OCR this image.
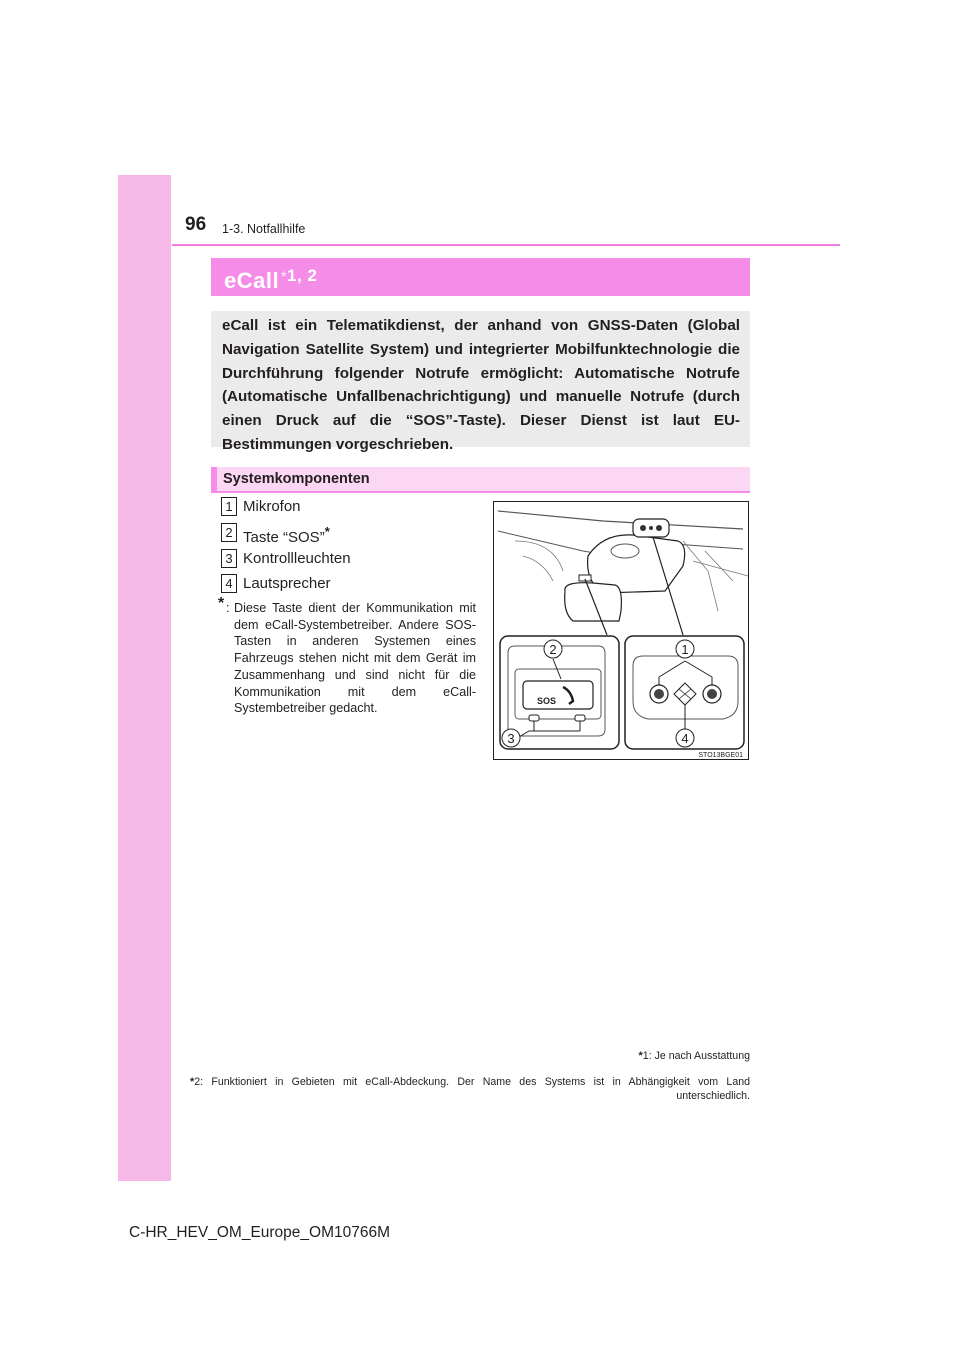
96 1-3. Notfallhilfe
eCall $^{*1, 2}$
eCall ist ein Telematikdienst, der anhand von GNSS-Daten (Global Navigation Satellite System) und integrierter Mobilfunktechnologie die Durchführung folgender Notrufe ermöglicht: Automatische Notrufe (Automatische Unfallbenachrichtigung) und manuelle Notrufe (durch einen Druck auf die “SOS”-Taste). Dieser Dienst ist laut EU-Bestimmungen vorgeschrieben.
Systemkomponenten
1 Mikrofon
2 Taste “SOS”*
3 Kontrollleuchten
4 Lautsprecher
* : Diese Taste dient der Kommunikation mit dem eCall-Systembetreiber. Andere SOS-Tasten in anderen Systemen eines Fahrzeugs stehen nicht mit dem Gerät im Zusammenhang und sind nicht für die Kommunikation mit dem eCall-Systembetreiber gedacht.
SOS
2
3
1
4
STO13BGE01
*1: Je nach Ausstattung
*2: Funktioniert in Gebieten mit eCall-Abdeckung. Der Name des Systems ist in Abhängigkeit vom Land unterschiedlich.
C-HR_HEV_OM_Europe_OM10766M
